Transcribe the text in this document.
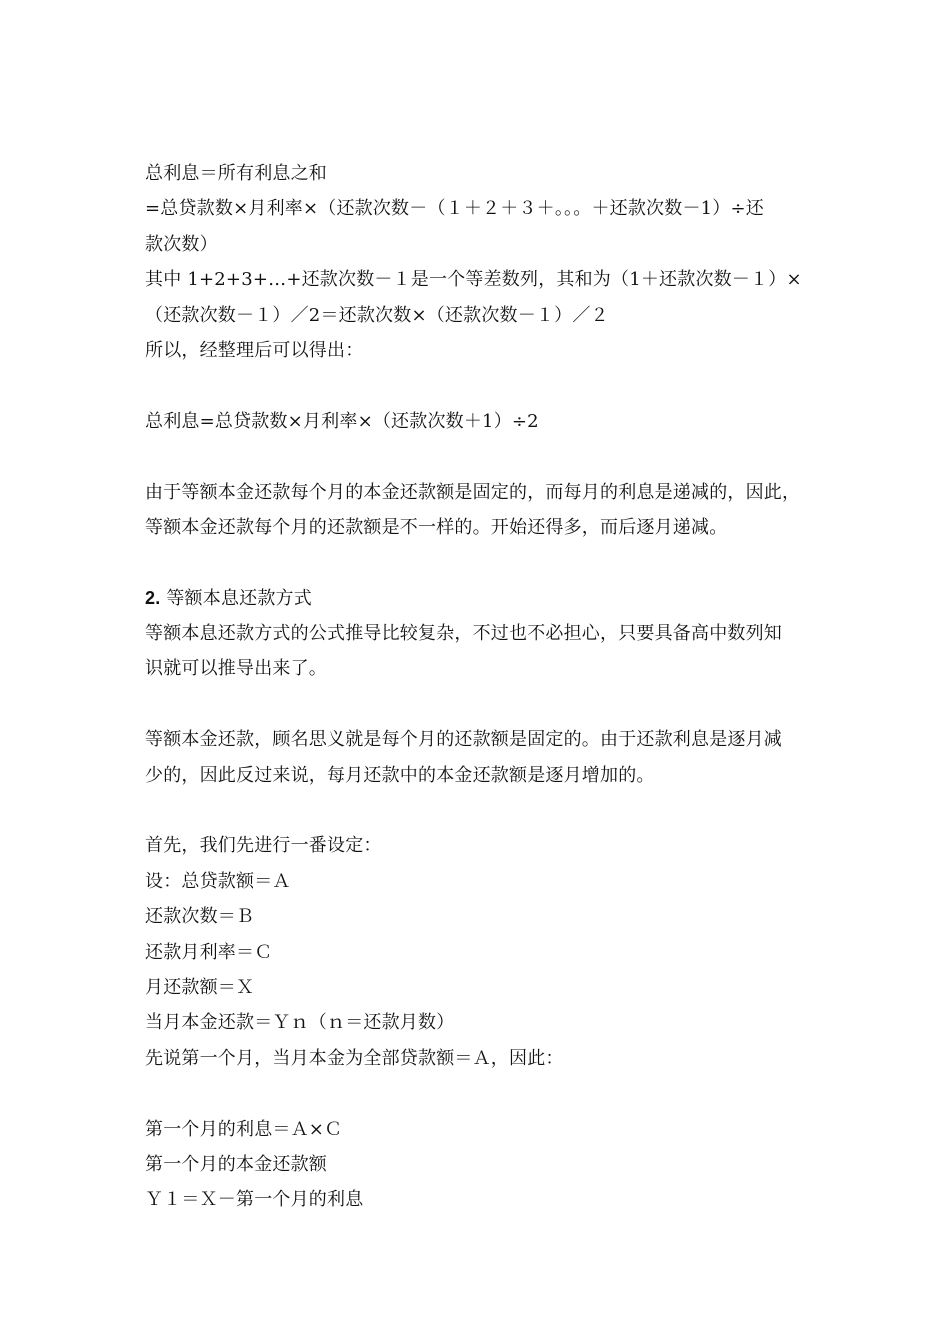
总利息＝所有利息之和
=总贷款数×月利率×（还款次数－（１＋２＋３＋。。。＋还款次数－1）÷还
款次数）
其中 1+2+3+…+还款次数－１是一个等差数列，其和为（1＋还款次数－１）×
（还款次数－１）／2＝还款次数×（还款次数－１）／２
所以，经整理后可以得出：
总利息=总贷款数×月利率×（还款次数＋1）÷2
由于等额本金还款每个月的本金还款额是固定的，而每月的利息是递减的，因此，
等额本金还款每个月的还款额是不一样的。开始还得多，而后逐月递减。
2. 等额本息还款方式
等额本息还款方式的公式推导比较复杂，不过也不必担心，只要具备高中数列知
识就可以推导出来了。
等额本金还款，顾名思义就是每个月的还款额是固定的。由于还款利息是逐月减
少的，因此反过来说，每月还款中的本金还款额是逐月增加的。
首先，我们先进行一番设定：
设：总贷款额＝Ａ
还款次数＝Ｂ
还款月利率＝Ｃ
月还款额＝Ｘ
当月本金还款＝Ｙｎ（ｎ＝还款月数）
先说第一个月，当月本金为全部贷款额＝Ａ，因此：
第一个月的利息＝Ａ×Ｃ
第一个月的本金还款额
Ｙ１＝Ｘ－第一个月的利息
